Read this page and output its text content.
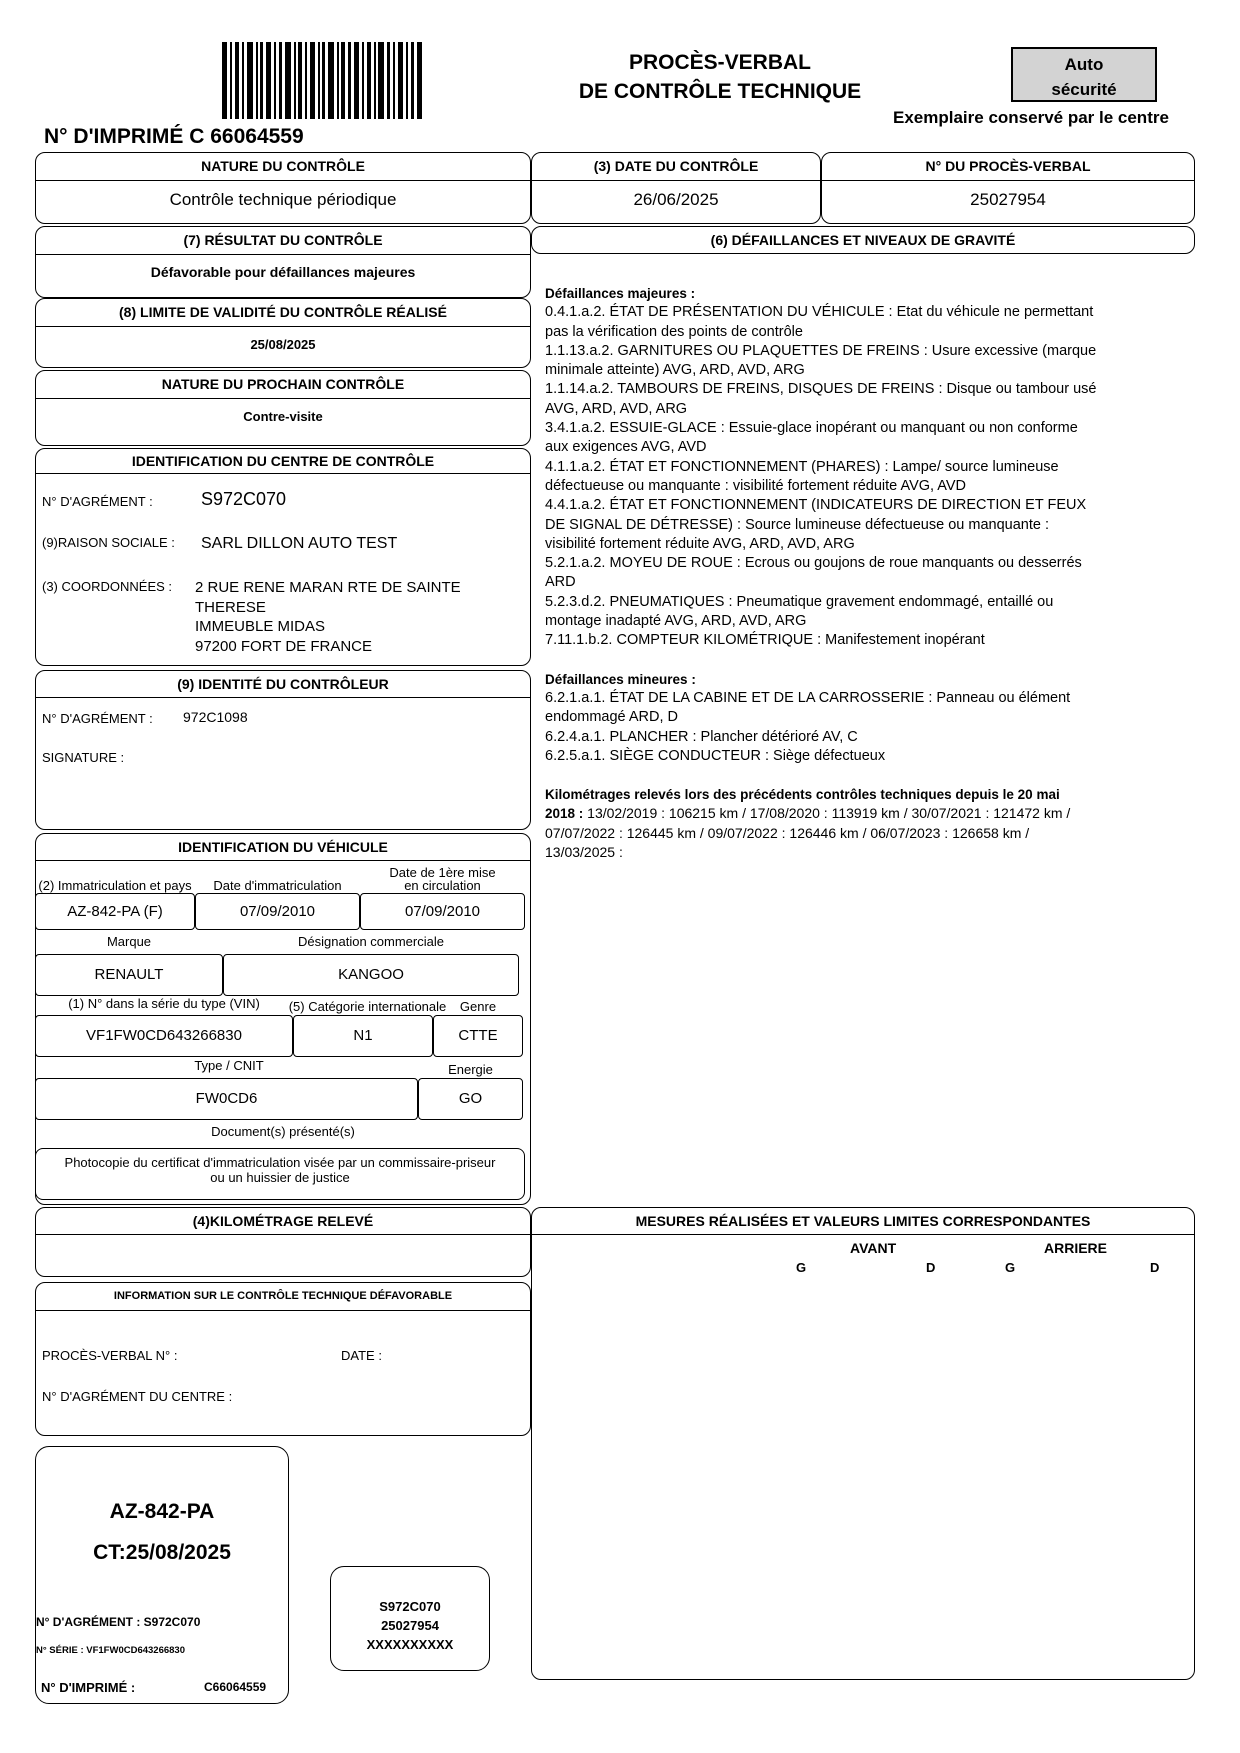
N° D'IMPRIMÉ C 66064559

PROCÈS-VERBAL

DE CONTRÔLE TECHNIQUE

Auto

sécurité

Exemplaire conservé par le centre
NATURE DU CONTRÔLE
Contrôle technique périodique
(3) DATE DU CONTRÔLE
26/06/2025
N° DU PROCÈS-VERBAL
25027954
(7) RÉSULTAT DU CONTRÔLE
Défavorable pour défaillances majeures
(8) LIMITE DE VALIDITÉ DU CONTRÔLE RÉALISÉ
25/08/2025
NATURE DU PROCHAIN CONTRÔLE
Contre-visite
IDENTIFICATION DU CENTRE DE CONTRÔLE
N° D'AGRÉMENT :	S972C070
(9)RAISON SOCIALE : SARL DILLON AUTO TEST
(3) COORDONNÉES : 2 RUE RENE MARAN RTE DE SAINTE

THERESE

IMMEUBLE MIDAS

97200 FORT DE FRANCE

(9) IDENTITÉ DU CONTRÔLEUR
N° D'AGRÉMENT : 972C1098
SIGNATURE :
IDENTIFICATION DU VÉHICULE
(2) Immatriculation et pays	Date d'immatriculation

Date de 1ère mise

en circulation

AZ-842-PA (F)	07/09/2010	07/09/2010
Marque	Désignation commerciale
RENAULT	KANGOO
(1) N° dans la série du type (VIN)	(5) Catégorie internationale	Genre
VF1FW0CD643266830	N1	CTTE
Type / CNIT	Energie
FW0CD6	GO
Document(s) présenté(s)

Photocopie du certificat d'immatriculation visée par un commissaire-priseur

ou un huissier de justice

(4)KILOMÉTRAGE RELEVÉ
INFORMATION SUR LE CONTRÔLE TECHNIQUE DÉFAVORABLE
PROCÈS-VERBAL N° :	DATE :
N° D'AGRÉMENT DU CENTRE :
AZ-842-PA
CT:25/08/2025
N° D'AGRÉMENT : S972C070
N° SÉRIE : VF1FW0CD643266830
N° D'IMPRIMÉ :	C66064559

S972C070

25027954

XXXXXXXXXX

(6) DÉFAILLANCES ET NIVEAUX DE GRAVITÉ

Défaillances majeures :

0.4.1.a.2. ÉTAT DE PRÉSENTATION DU VÉHICULE : Etat du véhicule ne permettant

pas la vérification des points de contrôle

1.1.13.a.2. GARNITURES OU PLAQUETTES DE FREINS : Usure excessive (marque

minimale atteinte) AVG, ARD, AVD, ARG

1.1.14.a.2. TAMBOURS DE FREINS, DISQUES DE FREINS : Disque ou tambour usé

AVG, ARD, AVD, ARG

3.4.1.a.2. ESSUIE-GLACE : Essuie-glace inopérant ou manquant ou non conforme

aux exigences AVG, AVD

4.1.1.a.2. ÉTAT ET FONCTIONNEMENT (PHARES) : Lampe/ source lumineuse

défectueuse ou manquante : visibilité fortement réduite AVG, AVD

4.4.1.a.2. ÉTAT ET FONCTIONNEMENT (INDICATEURS DE DIRECTION ET FEUX

DE SIGNAL DE DÉTRESSE) : Source lumineuse défectueuse ou manquante :

visibilité fortement réduite AVG, ARD, AVD, ARG

5.2.1.a.2. MOYEU DE ROUE : Ecrous ou goujons de roue manquants ou desserrés

ARD

5.2.3.d.2. PNEUMATIQUES : Pneumatique gravement endommagé, entaillé ou

montage inadapté AVG, ARD, AVD, ARG

7.11.1.b.2. COMPTEUR KILOMÉTRIQUE : Manifestement inopérant

Défaillances mineures :

6.2.1.a.1. ÉTAT DE LA CABINE ET DE LA CARROSSERIE : Panneau ou élément

endommagé ARD, D

6.2.4.a.1. PLANCHER : Plancher détérioré AV, C

6.2.5.a.1. SIÈGE CONDUCTEUR : Siège défectueux

Kilométrages relevés lors des précédents contrôles techniques depuis le 20 mai

2018 : 13/02/2019 : 106215 km / 17/08/2020 : 113919 km / 30/07/2021 : 121472 km /

07/07/2022 : 126445 km / 09/07/2022 : 126446 km / 06/07/2023 : 126658 km /

13/03/2025 :

MESURES RÉALISÉES ET VALEURS LIMITES CORRESPONDANTES
AVANT	ARRIERE
G	D	G	D
